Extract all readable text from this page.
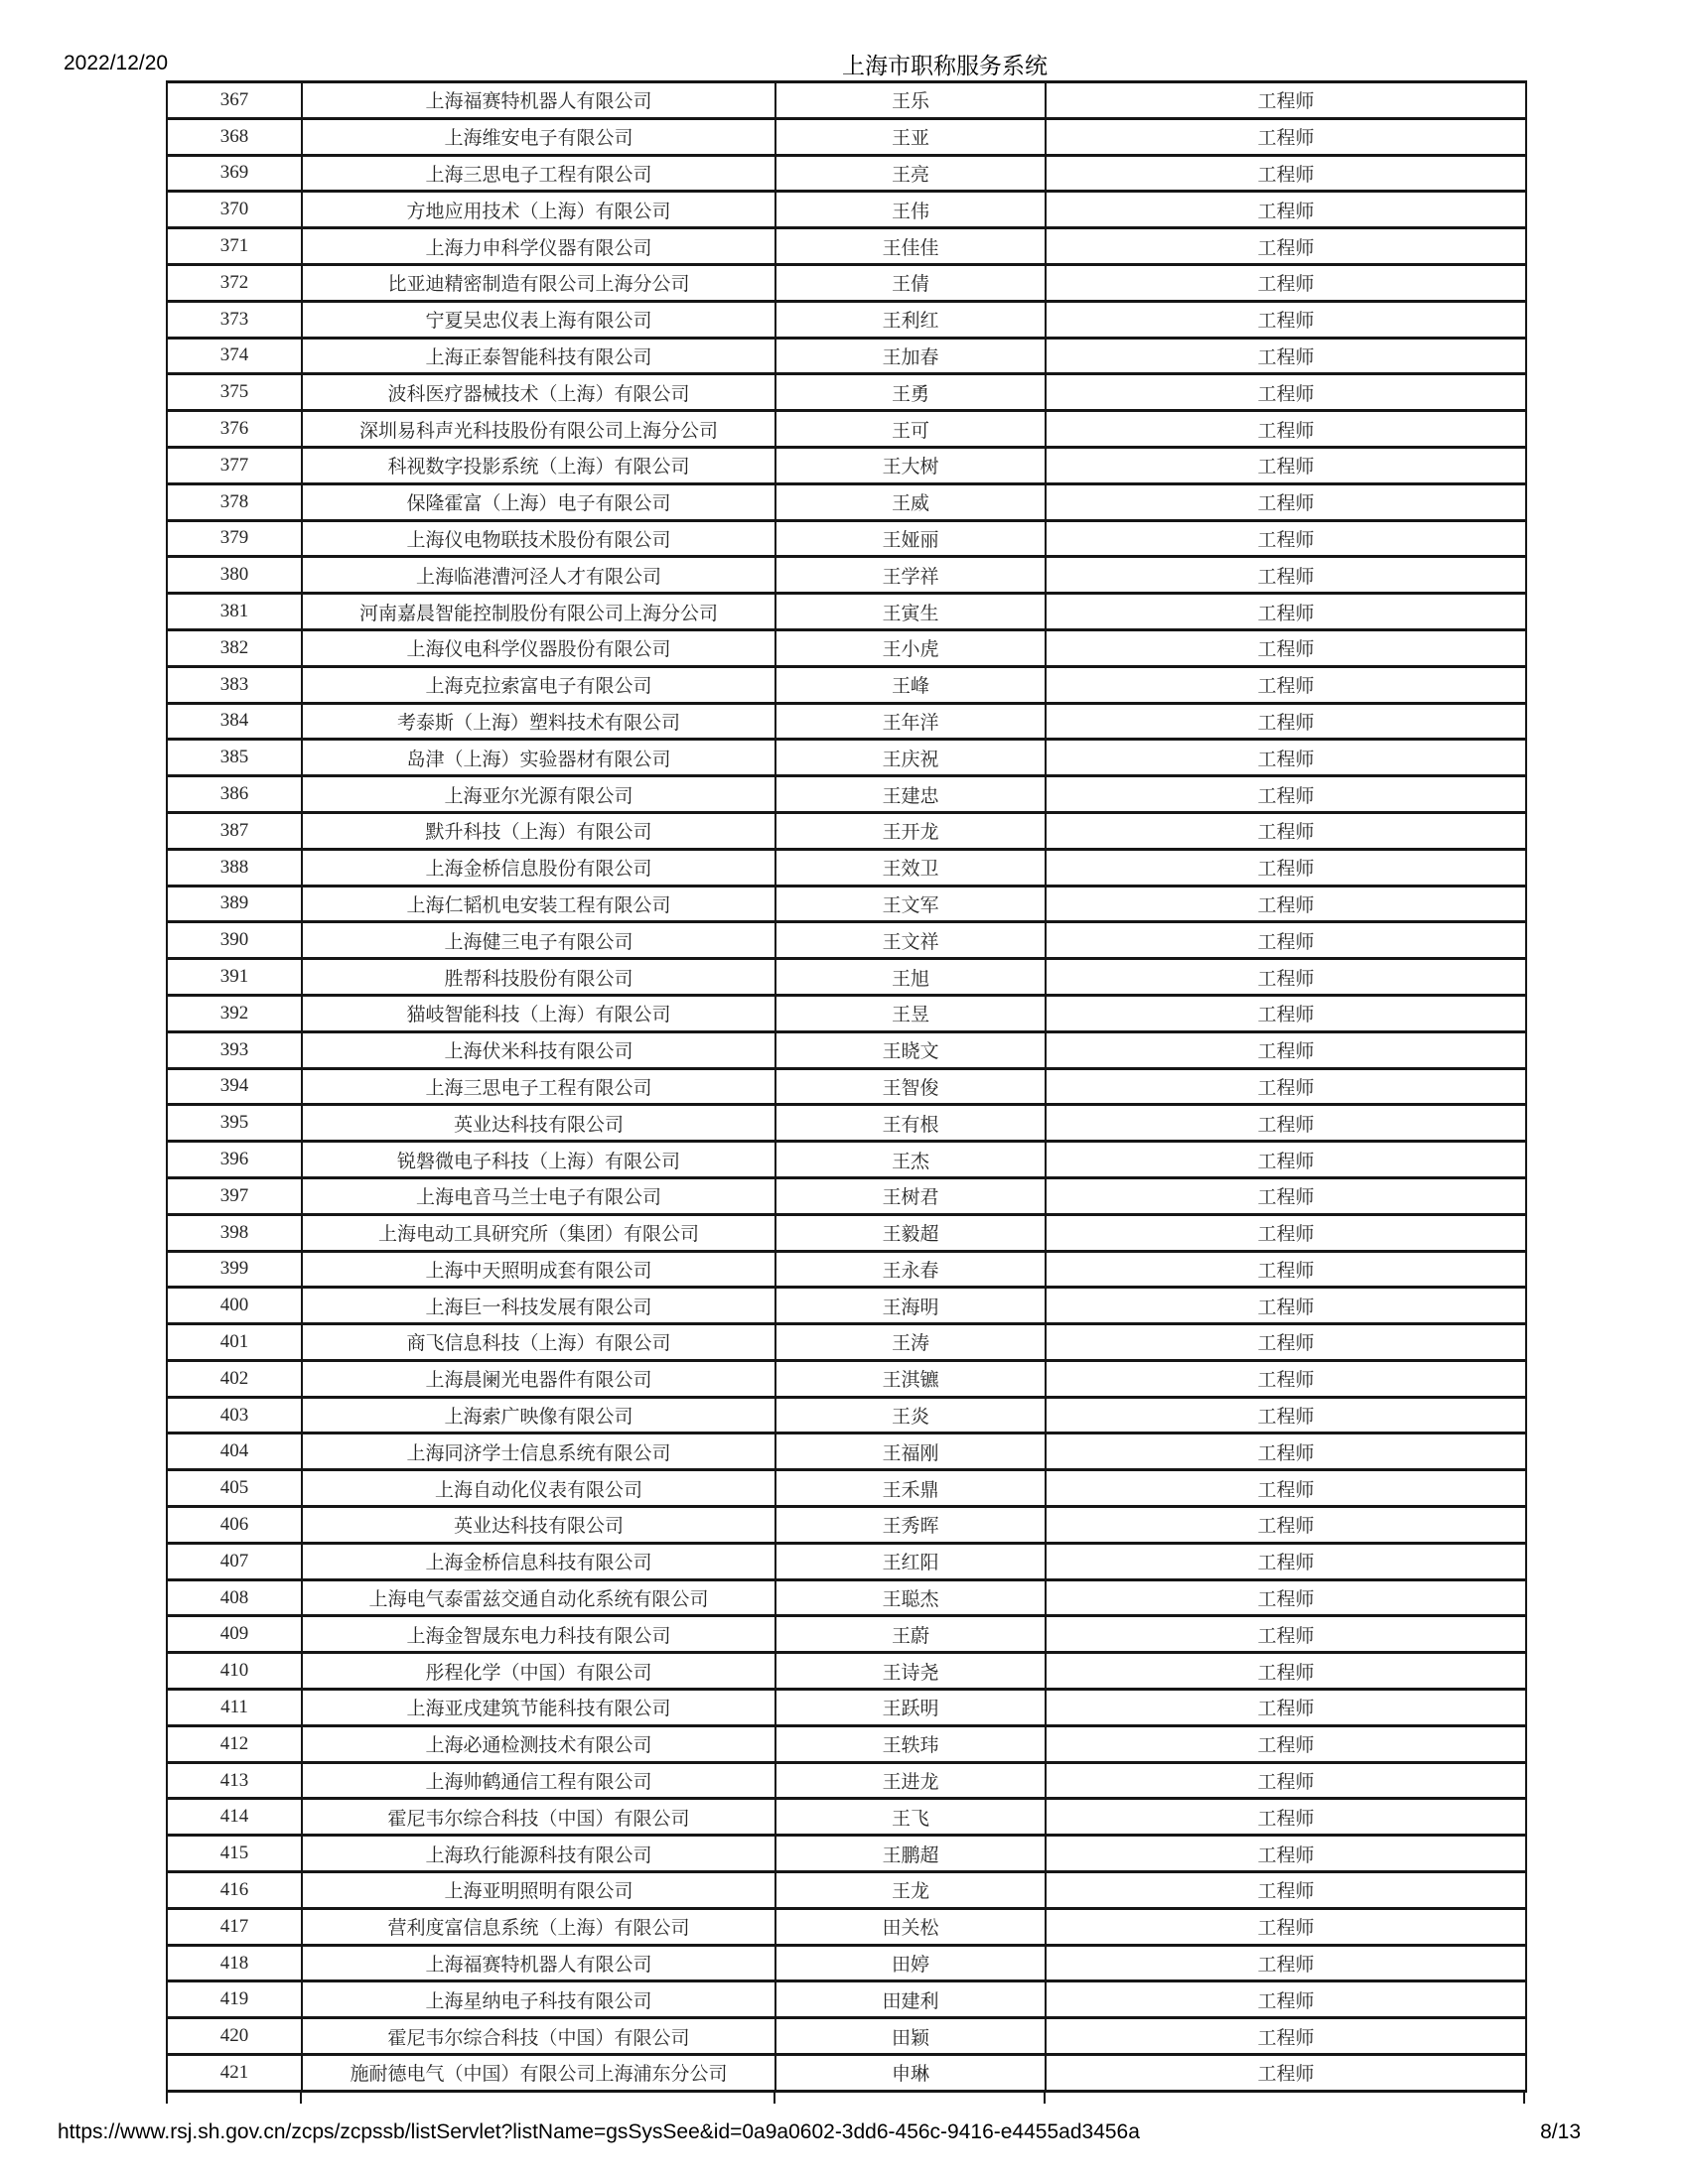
2022/12/20	上海市职称服务系统
367	上海福赛特机器人有限公司	王乐	工程师
368	上海维安电子有限公司	王亚	工程师
369	上海三思电子工程有限公司	王亮	工程师
370	方地应用技术（上海）有限公司	王伟	工程师
371	上海力申科学仪器有限公司	王佳佳	工程师
372	比亚迪精密制造有限公司上海分公司	王倩	工程师
373	宁夏吴忠仪表上海有限公司	王利红	工程师
374	上海正泰智能科技有限公司	王加春	工程师
375	波科医疗器械技术（上海）有限公司	王勇	工程师
376	深圳易科声光科技股份有限公司上海分公司	王可	工程师
377	科视数字投影系统（上海）有限公司	王大树	工程师
378	保隆霍富（上海）电子有限公司	王威	工程师
379	上海仪电物联技术股份有限公司	王娅丽	工程师
380	上海临港漕河泾人才有限公司	王学祥	工程师
381	河南嘉晨智能控制股份有限公司上海分公司	王寅生	工程师
382	上海仪电科学仪器股份有限公司	王小虎	工程师
383	上海克拉索富电子有限公司	王峰	工程师
384	考泰斯（上海）塑料技术有限公司	王年洋	工程师
385	岛津（上海）实验器材有限公司	王庆祝	工程师
386	上海亚尔光源有限公司	王建忠	工程师
387	默升科技（上海）有限公司	王开龙	工程师
388	上海金桥信息股份有限公司	王效卫	工程师
389	上海仁韬机电安装工程有限公司	王文军	工程师
390	上海健三电子有限公司	王文祥	工程师
391	胜帮科技股份有限公司	王旭	工程师
392	猫岐智能科技（上海）有限公司	王昱	工程师
393	上海伏米科技有限公司	王晓文	工程师
394	上海三思电子工程有限公司	王智俊	工程师
395	英业达科技有限公司	王有根	工程师
396	锐磐微电子科技（上海）有限公司	王杰	工程师
397	上海电音马兰士电子有限公司	王树君	工程师
398	上海电动工具研究所（集团）有限公司	王毅超	工程师
399	上海中天照明成套有限公司	王永春	工程师
400	上海巨一科技发展有限公司	王海明	工程师
401	商飞信息科技（上海）有限公司	王涛	工程师
402	上海晨阑光电器件有限公司	王淇镳	工程师
403	上海索广映像有限公司	王炎	工程师
404	上海同济学士信息系统有限公司	王福刚	工程师
405	上海自动化仪表有限公司	王禾鼎	工程师
406	英业达科技有限公司	王秀晖	工程师
407	上海金桥信息科技有限公司	王红阳	工程师
408	上海电气泰雷兹交通自动化系统有限公司	王聪杰	工程师
409	上海金智晟东电力科技有限公司	王蔚	工程师
410	彤程化学（中国）有限公司	王诗尧	工程师
411	上海亚戌建筑节能科技有限公司	王跃明	工程师
412	上海必通检测技术有限公司	王轶玮	工程师
413	上海帅鹤通信工程有限公司	王进龙	工程师
414	霍尼韦尔综合科技（中国）有限公司	王飞	工程师
415	上海玖行能源科技有限公司	王鹏超	工程师
416	上海亚明照明有限公司	王龙	工程师
417	营利度富信息系统（上海）有限公司	田关松	工程师
418	上海福赛特机器人有限公司	田婷	工程师
419	上海星纳电子科技有限公司	田建利	工程师
420	霍尼韦尔综合科技（中国）有限公司	田颖	工程师
421	施耐德电气（中国）有限公司上海浦东分公司	申琳	工程师
https://www.rsj.sh.gov.cn/zcps/zcpssb/listServlet?listName=gsSysSee&id=0a9a0602-3dd6-456c-9416-e4455ad3456a	8/13
